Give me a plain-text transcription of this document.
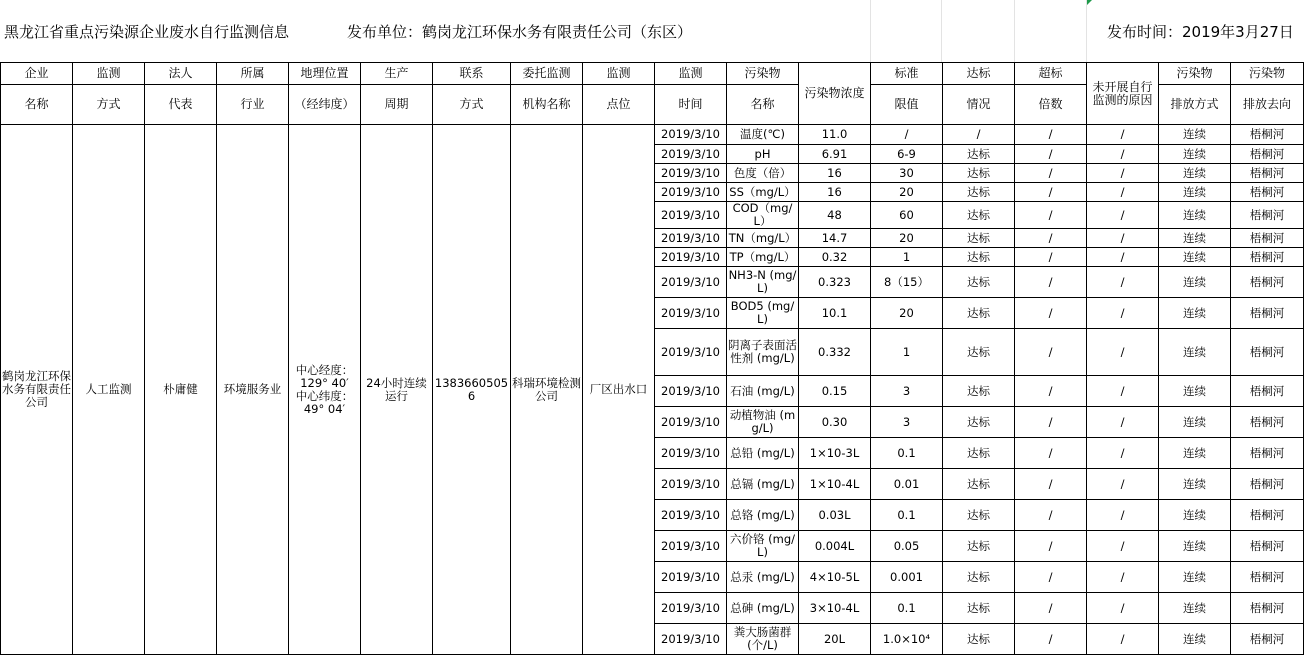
黑龙江省重点污染源企业废水自行监测信息	发布单位：鹤岗龙江环保水务有限责任公司（东区）	发布时间：2019年3月27日
企业	监测	法人	所属	地理位置	生产	联系	委托监测	监测	监测	污染物	污染物浓度	标准	达标	超标	未开展自行监测的原因	污染物	污染物
名称	方式	代表	行业	（经纬度）	周期	方式	机构名称	点位	时间	名称		限值	情况	倍数		排放方式	排放去向
鹤岗龙江环保水务有限责任公司	人工监测	朴庸健	环境服务业	中心经度：129° 40′ 中心纬度：49° 04′	24小时连续运行	13836605056	科瑞环境检测公司	厂区出水口	2019/3/10	温度(℃)	11.0	/	/	/	/	连续	梧桐河
									2019/3/10	pH	6.91	6-9	达标	/	/	连续	梧桐河
									2019/3/10	色度（倍）	16	30	达标	/	/	连续	梧桐河
									2019/3/10	SS（mg/L）	16	20	达标	/	/	连续	梧桐河
									2019/3/10	COD（mg/L）	48	60	达标	/	/	连续	梧桐河
									2019/3/10	TN（mg/L）	14.7	20	达标	/	/	连续	梧桐河
									2019/3/10	TP（mg/L）	0.32	1	达标	/	/	连续	梧桐河
									2019/3/10	NH3-N (mg/L)	0.323	8（15）	达标	/	/	连续	梧桐河
									2019/3/10	BOD5 (mg/L)	10.1	20	达标	/	/	连续	梧桐河
									2019/3/10	阴离子表面活性剂 (mg/L)	0.332	1	达标	/	/	连续	梧桐河
									2019/3/10	石油 (mg/L)	0.15	3	达标	/	/	连续	梧桐河
									2019/3/10	动植物油 (mg/L)	0.30	3	达标	/	/	连续	梧桐河
									2019/3/10	总铅 (mg/L)	1×10-3L	0.1	达标	/	/	连续	梧桐河
									2019/3/10	总镉 (mg/L)	1×10-4L	0.01	达标	/	/	连续	梧桐河
									2019/3/10	总铬 (mg/L)	0.03L	0.1	达标	/	/	连续	梧桐河
									2019/3/10	六价铬 (mg/L)	0.004L	0.05	达标	/	/	连续	梧桐河
									2019/3/10	总汞 (mg/L)	4×10-5L	0.001	达标	/	/	连续	梧桐河
									2019/3/10	总砷 (mg/L)	3×10-4L	0.1	达标	/	/	连续	梧桐河
									2019/3/10	粪大肠菌群 (个/L)	20L	1.0×10⁴	达标	/	/	连续	梧桐河
